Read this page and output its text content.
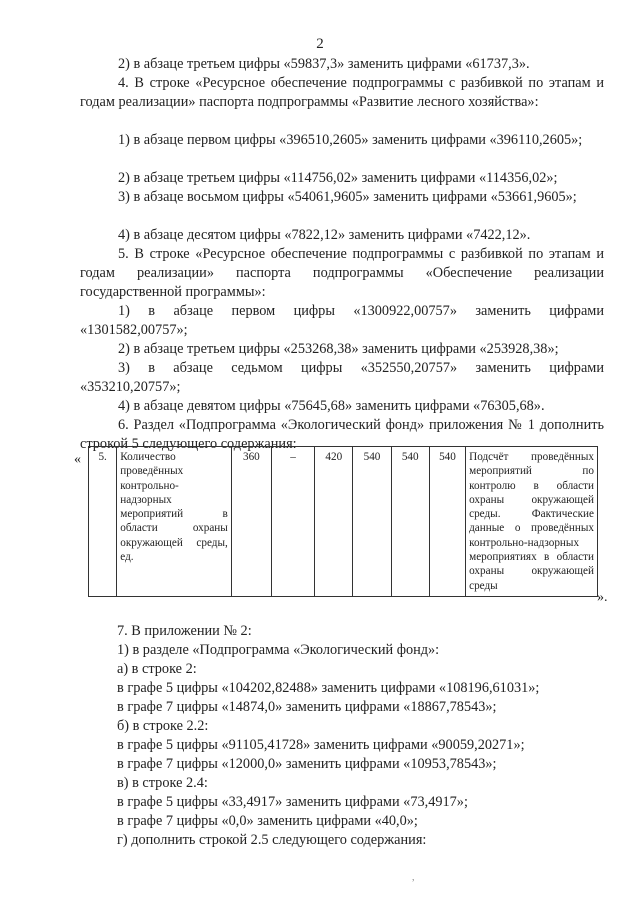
2
2) в абзаце третьем цифры «59837,3» заменить цифрами «61737,3».
4. В строке «Ресурсное обеспечение подпрограммы с разбивкой по этапам и годам реализации» паспорта подпрограммы «Развитие лесного хозяйства»:
1) в абзаце первом цифры «396510,2605» заменить цифрами «396110,2605»;
2) в абзаце третьем цифры «114756,02» заменить цифрами «114356,02»;
3) в абзаце восьмом цифры «54061,9605» заменить цифрами «53661,9605»;
4) в абзаце десятом цифры «7822,12» заменить цифрами «7422,12».
5. В строке «Ресурсное обеспечение подпрограммы с разбивкой по этапам и годам реализации» паспорта подпрограммы «Обеспечение реализации государственной программы»:
1) в абзаце первом цифры «1300922,00757» заменить цифрами «1301582,00757»;
2) в абзаце третьем цифры «253268,38» заменить цифрами «253928,38»;
3) в абзаце седьмом цифры «352550,20757» заменить цифрами «353210,20757»;
4) в абзаце девятом цифры «75645,68» заменить цифрами «76305,68».
6. Раздел «Подпрограмма «Экологический фонд» приложения № 1 дополнить строкой 5 следующего содержания:
« 5.	Количество проведённых контрольно-надзорных мероприятий в области охраны окружающей среды, ед.	360	–	420	540	540	540	Подсчёт проведённых мероприятий по контролю в области охраны окружающей среды. Фактические данные о проведённых контрольно-надзорных мероприятиях в области охраны окружающей среды
».
7. В приложении № 2:
1) в разделе «Подпрограмма «Экологический фонд»:
а) в строке 2:
в графе 5 цифры «104202,82488» заменить цифрами «108196,61031»;
в графе 7 цифры «14874,0» заменить цифрами «18867,78543»;
б) в строке 2.2:
в графе 5 цифры «91105,41728» заменить цифрами «90059,20271»;
в графе 7 цифры «12000,0» заменить цифрами «10953,78543»;
в) в строке 2.4:
в графе 5 цифры «33,4917» заменить цифрами «73,4917»;
в графе 7 цифры «0,0» заменить цифрами «40,0»;
г) дополнить строкой 2.5 следующего содержания:
,
